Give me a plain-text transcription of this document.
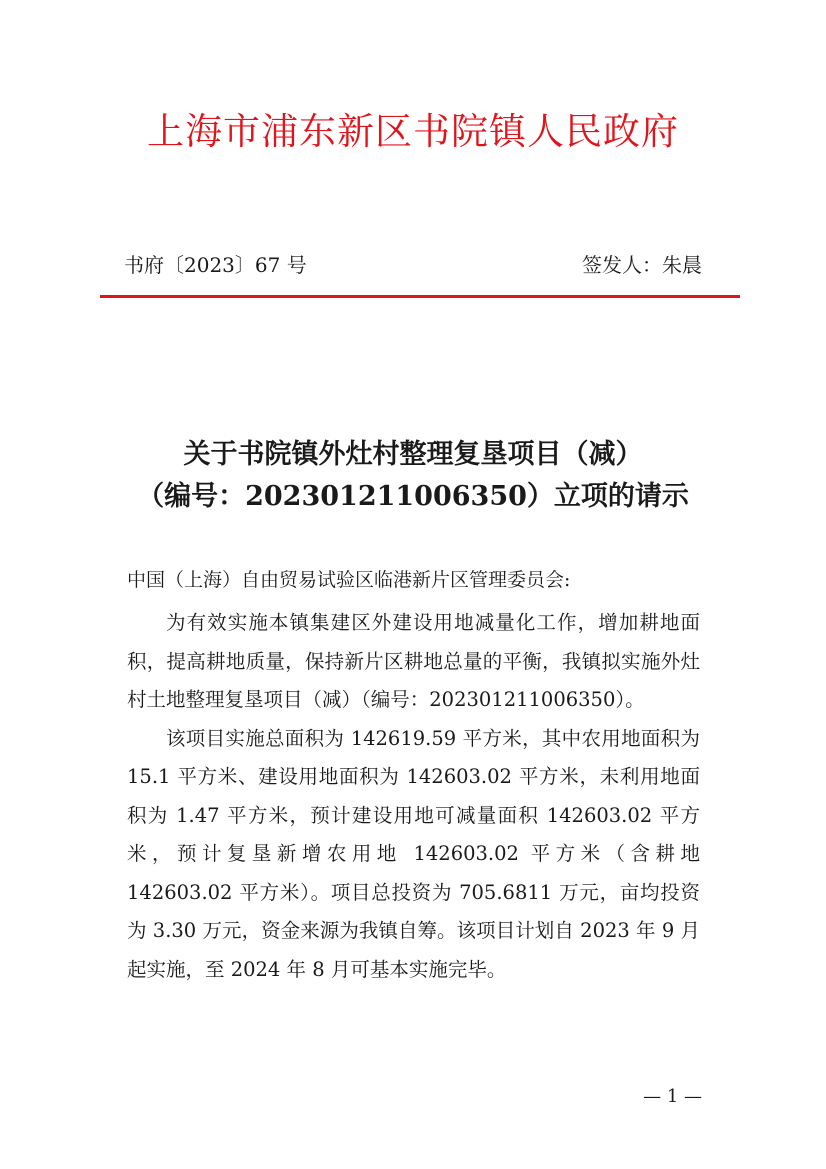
上海市浦东新区书院镇人民政府
书府〔2023〕67 号	签发人：朱晨
关于书院镇外灶村整理复垦项目（减）
（编号：202301211006350）立项的请示
中国（上海）自由贸易试验区临港新片区管理委员会:

为有效实施本镇集建区外建设用地减量化工作，增加耕地面积，提高耕地质量，保持新片区耕地总量的平衡，我镇拟实施外灶村土地整理复垦项目（减）（编号：202301211006350）。

该项目实施总面积为 142619.59 平方米，其中农用地面积为 15.1 平方米、建设用地面积为 142603.02 平方米，未利用地面积为 1.47 平方米，预计建设用地可减量面积 142603.02 平方米，预计复垦新增农用地 142603.02 平方米（含耕地 142603.02 平方米）。项目总投资为 705.6811 万元，亩均投资为 3.30 万元，资金来源为我镇自筹。该项目计划自 2023 年 9 月起实施，至 2024 年 8 月可基本实施完毕。

— 1 —
